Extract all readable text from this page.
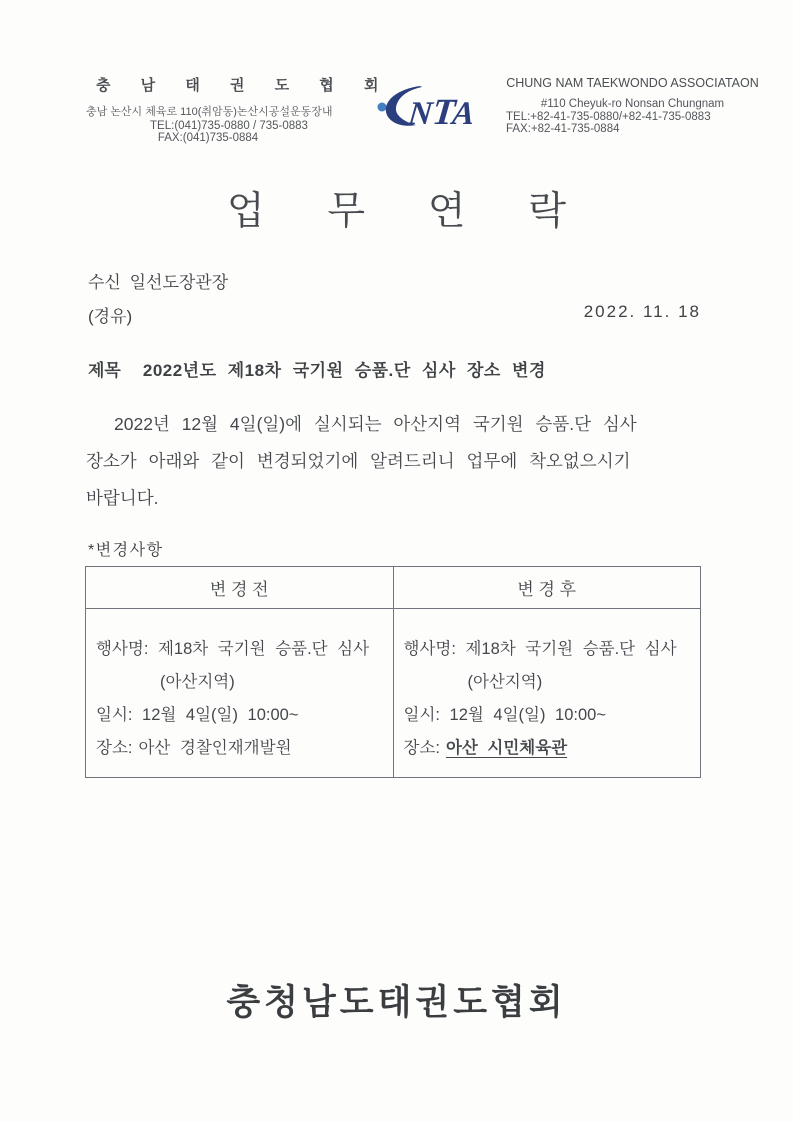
충 남 태 권 도 협 회
충남 논산시 체육로 110(취암동)논산시공설운동장내
TEL:(041)735-0880 / 735-0883
FAX:(041)735-0884
N
T
A
CHUNG NAM TAEKWONDO ASSOCIATAON
#110 Cheyuk-ro Nonsan Chungnam
TEL:+82-41-735-0880/+82-41-735-0883
FAX:+82-41-735-0884
업 무 연 락
수신 일선도장관장
(경유)	2022. 11. 18
제목 2022년도 제18차 국기원 승품.단 심사 장소 변경
2022년 12월 4일(일)에 실시되는 아산지역 국기원 승품.단 심사
장소가 아래와 같이 변경되었기에 알려드리니 업무에 착오없으시기
바랍니다.
*변경사항
변 경 전	변 경 후

행사명: 제18차 국기원 승품.단 심사
(아산지역)
일시: 12월 4일(일) 10:00~
장소: 아산 경찰인재개발원

행사명: 제18차 국기원 승품.단 심사
(아산지역)
일시: 12월 4일(일) 10:00~
장소: 아산 시민체육관
충청남도태권도협회
